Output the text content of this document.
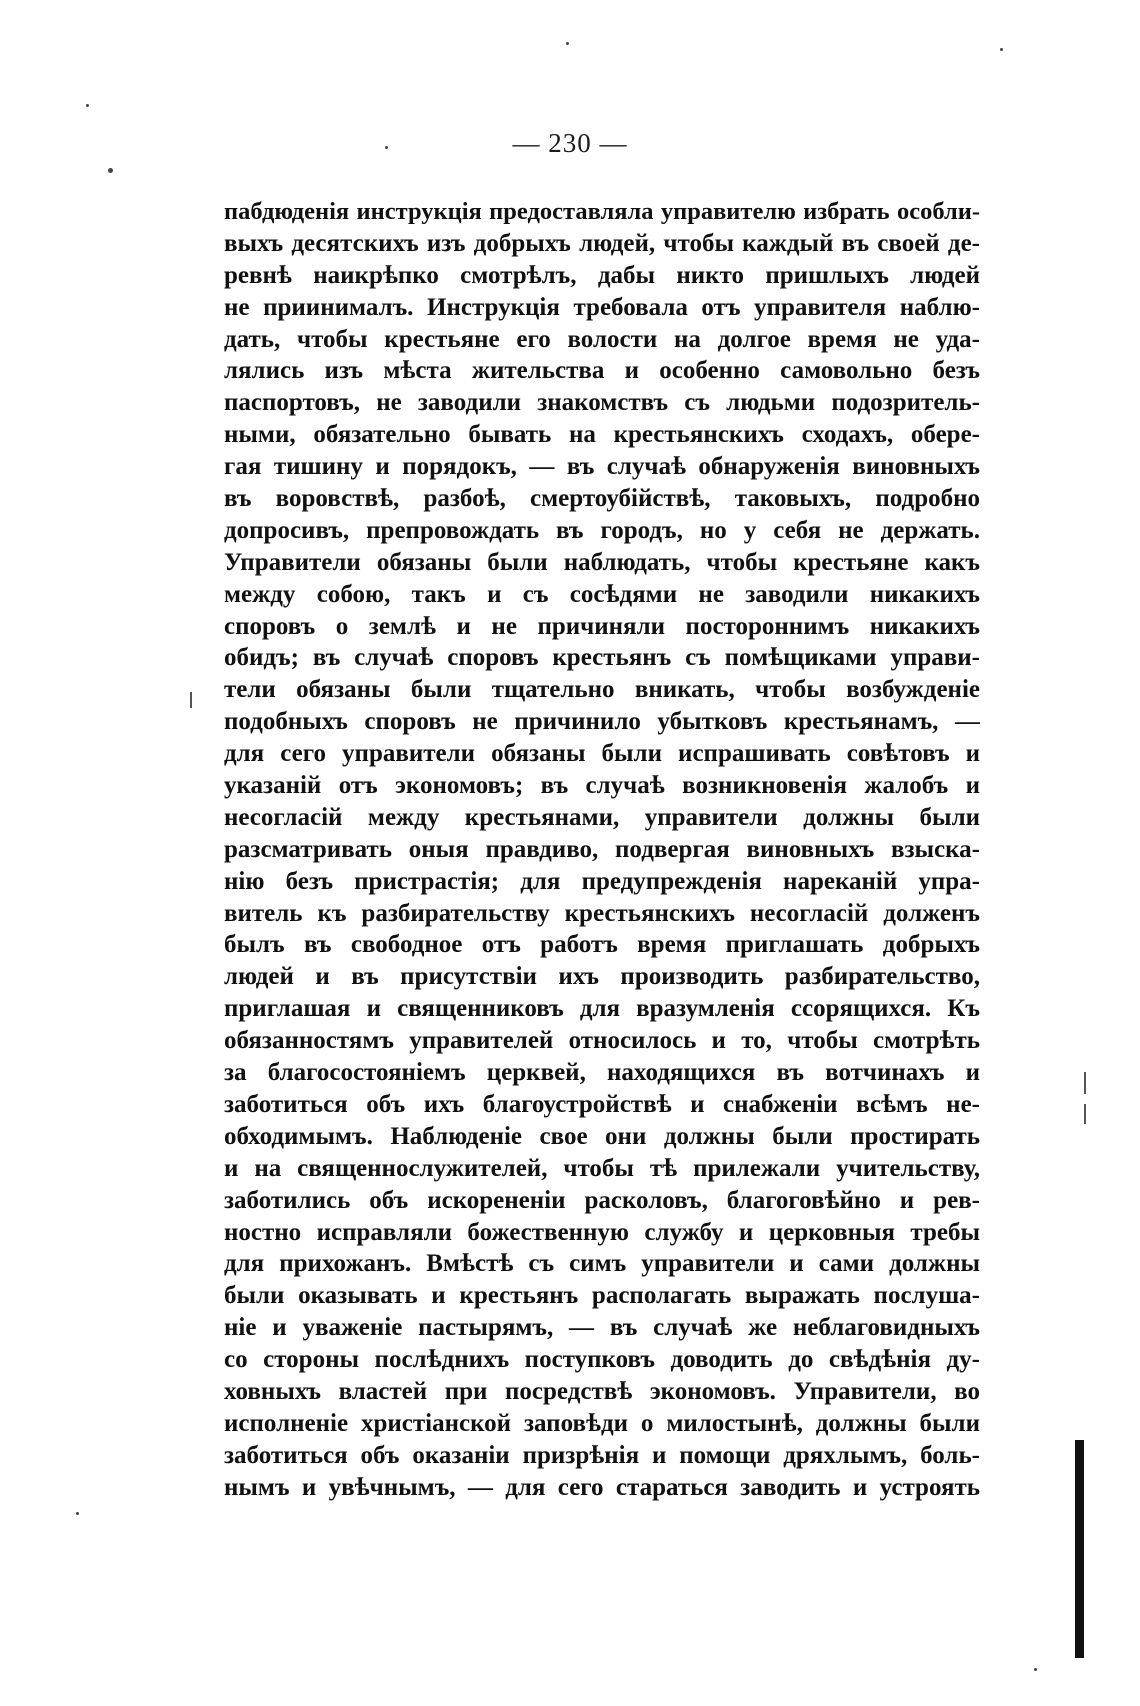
— 230 —
пабдюденія инструкція предоставляла управителю избрать особли-
выхъ десятскихъ изъ добрыхъ людей, чтобы каждый въ своей де-
ревнѣ наикрѣпко смотрѣлъ, дабы никто пришлыхъ людей
не приинималъ. Инструкція требовала отъ управителя наблю-
дать, чтобы крестьяне его волости на долгое время не уда-
лялись изъ мѣста жительства и особенно самовольно безъ
паспортовъ, не заводили знакомствъ съ людьми подозритель-
ными, обязательно бывать на крестьянскихъ сходахъ, обере-
гая тишину и порядокъ, — въ случаѣ обнаруженія виновныхъ
въ воровствѣ, разбоѣ, смертоубійствѣ, таковыхъ, подробно
допросивъ, препровождать въ городъ, но у себя не держать.
Управители обязаны были наблюдать, чтобы крестьяне какъ
между собою, такъ и съ сосѣдями не заводили никакихъ
споровъ о землѣ и не причиняли постороннимъ никакихъ
обидъ; въ случаѣ споровъ крестьянъ съ помѣщиками управи-
тели обязаны были тщательно вникать, чтобы возбужденіе
подобныхъ споровъ не причинило убытковъ крестьянамъ, —
для сего управители обязаны были испрашивать совѣтовъ и
указаній отъ экономовъ; въ случаѣ возникновенія жалобъ и
несогласій между крестьянами, управители должны были
разсматривать оныя правдиво, подвергая виновныхъ взыска-
нію безъ пристрастія; для предупрежденія нареканій упра-
витель къ разбирательству крестьянскихъ несогласій долженъ
былъ въ свободное отъ работъ время приглашать добрыхъ
людей и въ присутствіи ихъ производить разбирательство,
приглашая и священниковъ для вразумленія ссорящихся. Къ
обязанностямъ управителей относилось и то, чтобы смотрѣть
за благосостояніемъ церквей, находящихся въ вотчинахъ и
заботиться объ ихъ благоустройствѣ и снабженіи всѣмъ не-
обходимымъ. Наблюденіе свое они должны были простирать
и на священнослужителей, чтобы тѣ прилежали учительству,
заботились объ искорененіи расколовъ, благоговѣйно и рев-
ностно исправляли божественную службу и церковныя требы
для прихожанъ. Вмѣстѣ съ симъ управители и сами должны
были оказывать и крестьянъ располагать выражать послуша-
ніе и уваженіе пастырямъ, — въ случаѣ же неблаговидныхъ
со стороны послѣднихъ поступковъ доводить до свѣдѣнія ду-
ховныхъ властей при посредствѣ экономовъ. Управители, во
исполненіе христіанской заповѣди о милостынѣ, должны были
заботиться объ оказаніи призрѣнія и помощи дряхлымъ, боль-
нымъ и увѣчнымъ, — для сего стараться заводить и устроять
